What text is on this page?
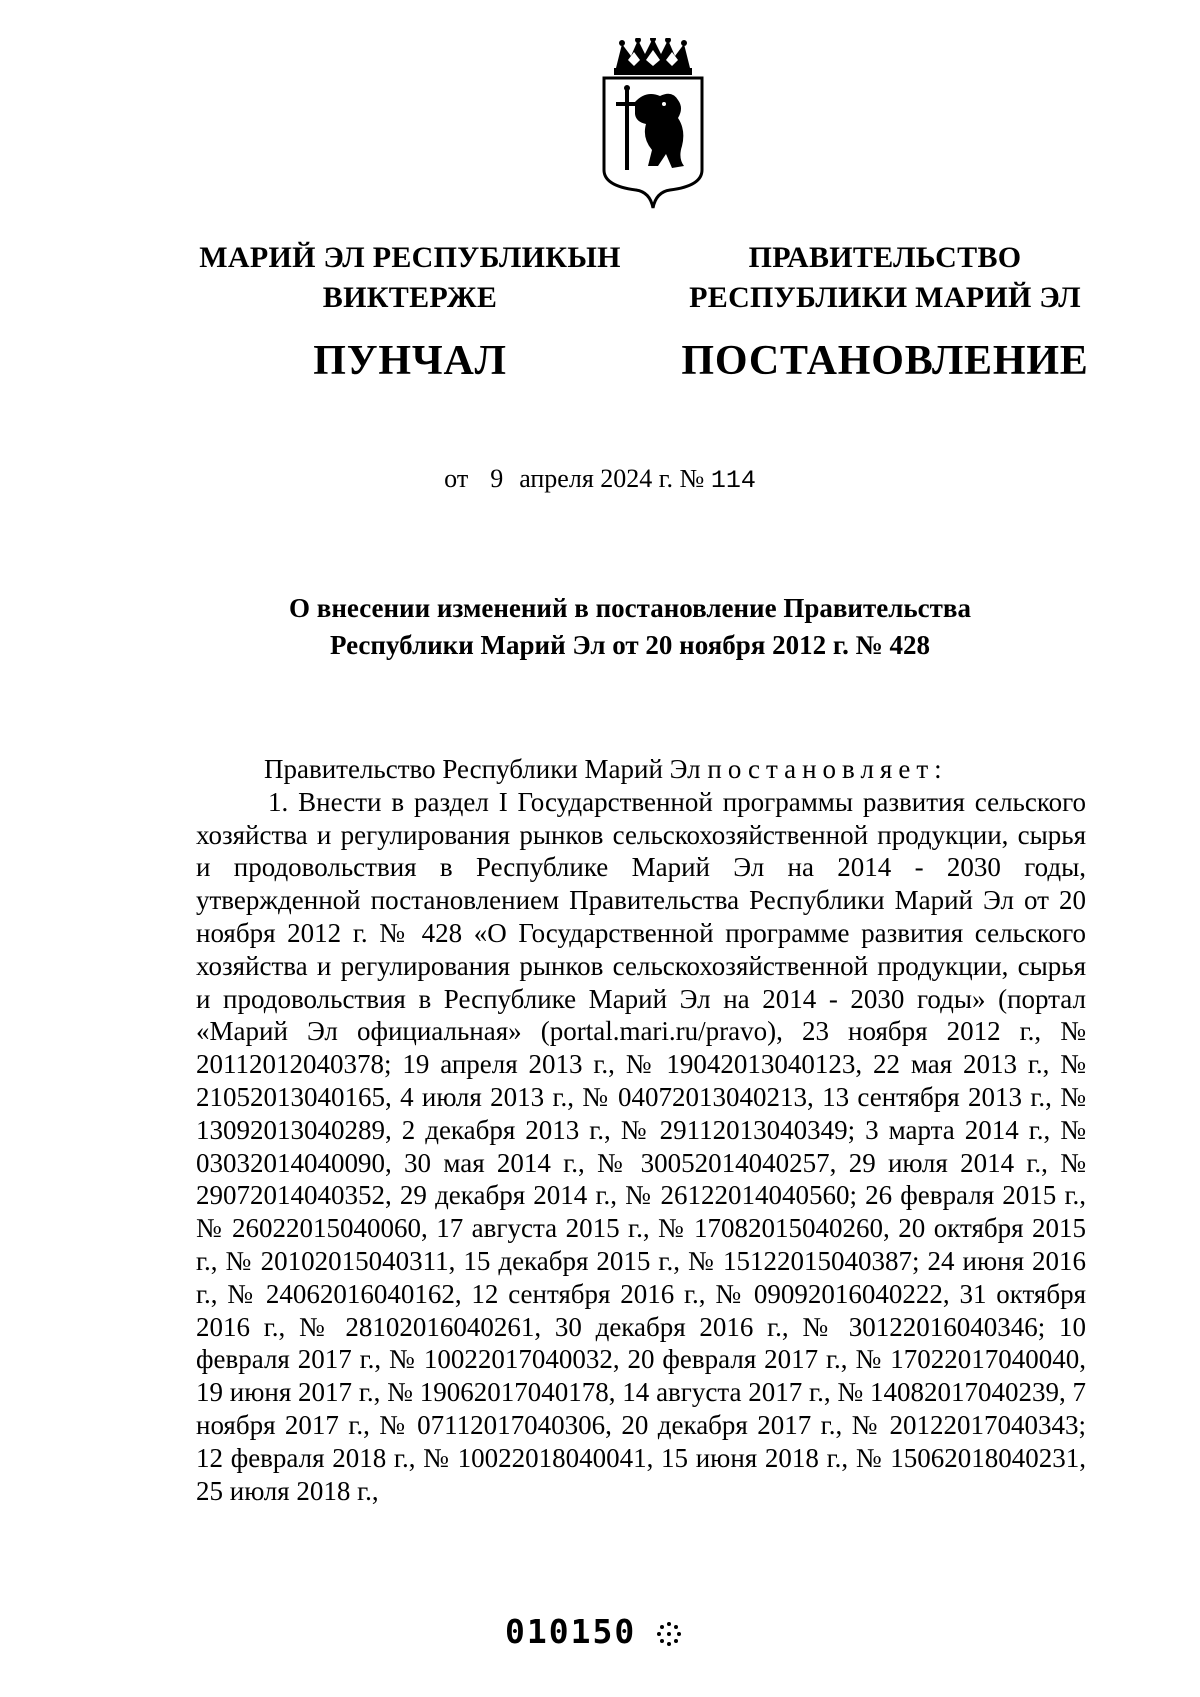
МАРИЙ ЭЛ РЕСПУБЛИКЫН
ВИКТЕРЖЕ
ПУНЧАЛ
ПРАВИТЕЛЬСТВО
РЕСПУБЛИКИ МАРИЙ ЭЛ
ПОСТАНОВЛЕНИЕ
от 9 апреля 2024 г. № 114
О внесении изменений в постановление Правительства
Республики Марий Эл от 20 ноября 2012 г. № 428

Правительство Республики Марий Эл постановляет:

1. Внести в раздел I Государственной программы развития сельского хозяйства и регулирования рынков сельскохозяйственной продукции, сырья и продовольствия в Республике Марий Эл на 2014 - 2030 годы, утвержденной постановлением Правительства Республики Марий Эл от 20 ноября 2012 г. № 428 «О Государственной программе развития сельского хозяйства и регулирования рынков сельскохозяйственной продукции, сырья и продовольствия в Республике Марий Эл на 2014 - 2030 годы» (портал «Марий Эл официальная» (portal.mari.ru/pravo), 23 ноября 2012 г., № 20112012040378; 19 апреля 2013 г., № 19042013040123, 22 мая 2013 г., № 21052013040165, 4 июля 2013 г., № 04072013040213, 13 сентября 2013 г., № 13092013040289, 2 декабря 2013 г., № 29112013040349; 3 марта 2014 г., № 03032014040090, 30 мая 2014 г., № 30052014040257, 29 июля 2014 г., № 29072014040352, 29 декабря 2014 г., № 26122014040560; 26 февраля 2015 г., № 26022015040060, 17 августа 2015 г., № 17082015040260, 20 октября 2015 г., № 20102015040311, 15 декабря 2015 г., № 15122015040387; 24 июня 2016 г., № 24062016040162, 12 сентября 2016 г., № 09092016040222, 31 октября 2016 г., № 28102016040261, 30 декабря 2016 г., № 30122016040346; 10 февраля 2017 г., № 10022017040032, 20 февраля 2017 г., № 17022017040040, 19 июня 2017 г., № 19062017040178, 14 августа 2017 г., № 14082017040239, 7 ноября 2017 г., № 07112017040306, 20 декабря 2017 г., № 20122017040343; 12 февраля 2018 г., № 10022018040041, 15 июня 2018 г., № 15062018040231, 25 июля 2018 г.,

010150
